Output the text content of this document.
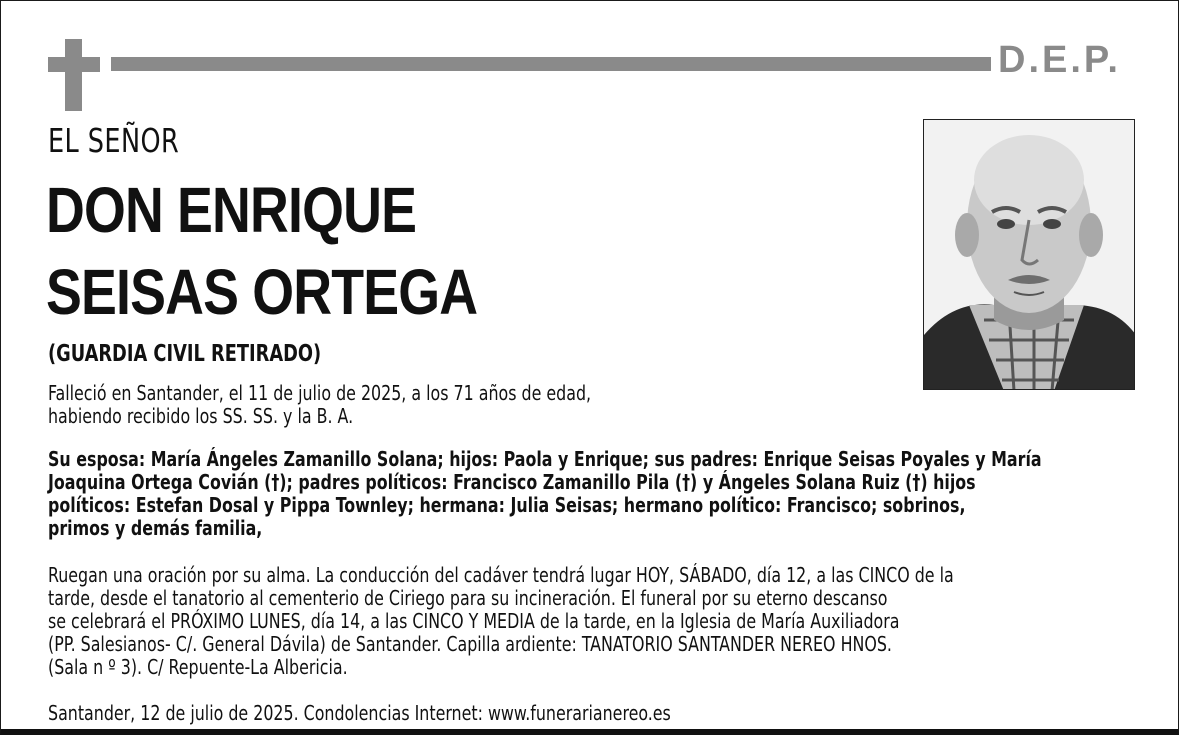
D.E.P.
EL SEÑOR
DON ENRIQUE
SEISAS ORTEGA
(GUARDIA CIVIL RETIRADO)
Falleció en Santander, el 11 de julio de 2025, a los 71 años de edad,
habiendo recibido los SS. SS. y la B. A.
Su esposa: María Ángeles Zamanillo Solana; hijos: Paola y Enrique; sus padres: Enrique Seisas Poyales y María
Joaquina Ortega Covián (†); padres políticos: Francisco Zamanillo Pila (†) y Ángeles Solana Ruiz (†) hijos
políticos: Estefan Dosal y Pippa Townley; hermana: Julia Seisas; hermano político: Francisco; sobrinos,
primos y demás familia,
Ruegan una oración por su alma. La conducción del cadáver tendrá lugar HOY, SÁBADO, día 12, a las CINCO de la
tarde, desde el tanatorio al cementerio de Ciriego para su incineración. El funeral por su eterno descanso
se celebrará el PRÓXIMO LUNES, día 14, a las CINCO Y MEDIA de la tarde, en la Iglesia de María Auxiliadora
(PP. Salesianos- C/. General Dávila) de Santander. Capilla ardiente: TANATORIO SANTANDER NEREO HNOS.
(Sala n º 3). C/ Repuente-La Albericia.
Santander, 12 de julio de 2025. Condolencias Internet: www.funerarianereo.es
